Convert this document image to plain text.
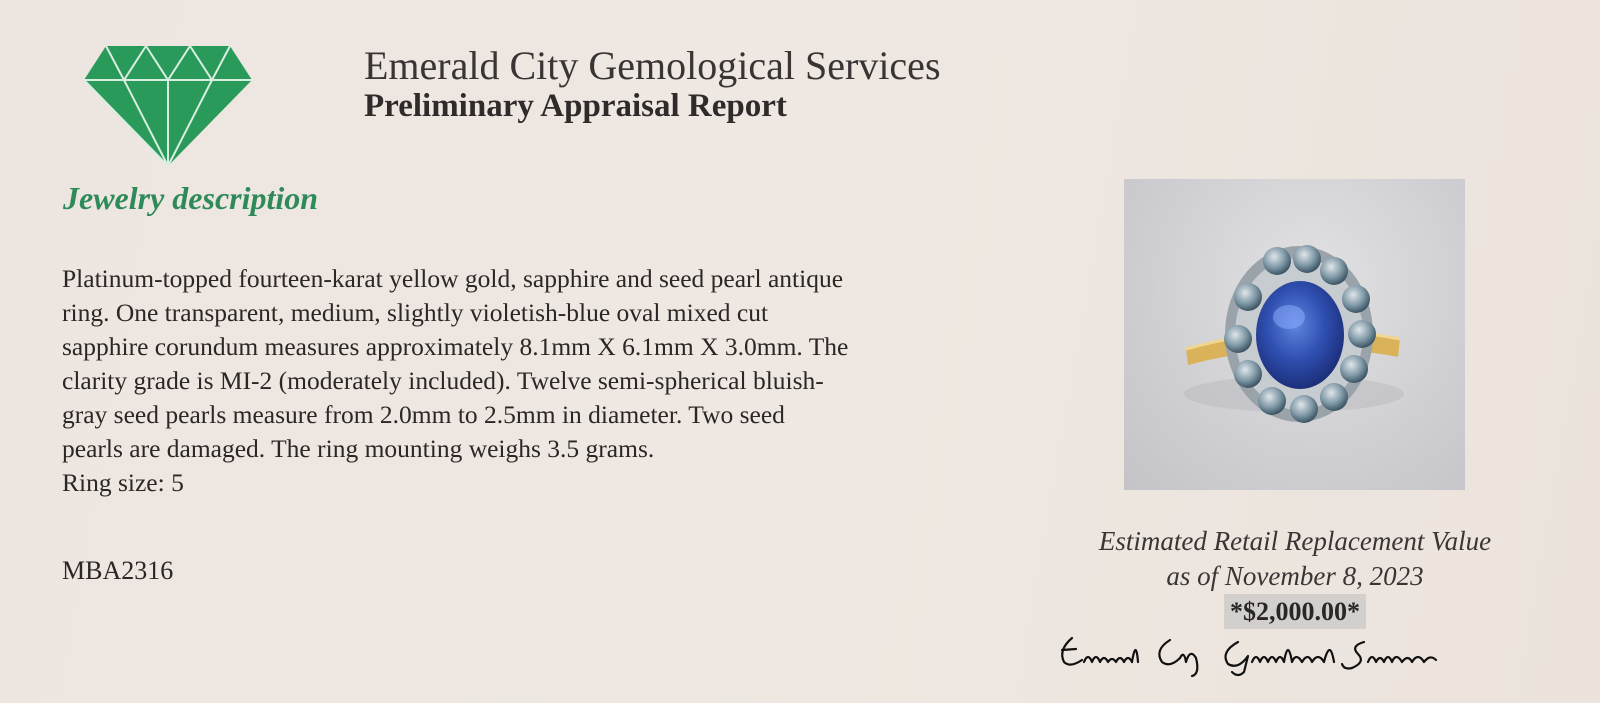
Emerald City Gemological Services
Preliminary Appraisal Report
Jewelry description
Platinum-topped fourteen-karat yellow gold, sapphire and seed pearl antique
ring. One transparent, medium, slightly violetish-blue oval mixed cut
sapphire corundum measures approximately 8.1mm X 6.1mm X 3.0mm. The
clarity grade is MI-2 (moderately included). Twelve semi-spherical bluish-
gray seed pearls measure from 2.0mm to 2.5mm in diameter. Two seed
pearls are damaged. The ring mounting weighs 3.5 grams.
Ring size: 5
MBA2316
Estimated Retail Replacement Value
as of November 8, 2023
*$2,000.00*
